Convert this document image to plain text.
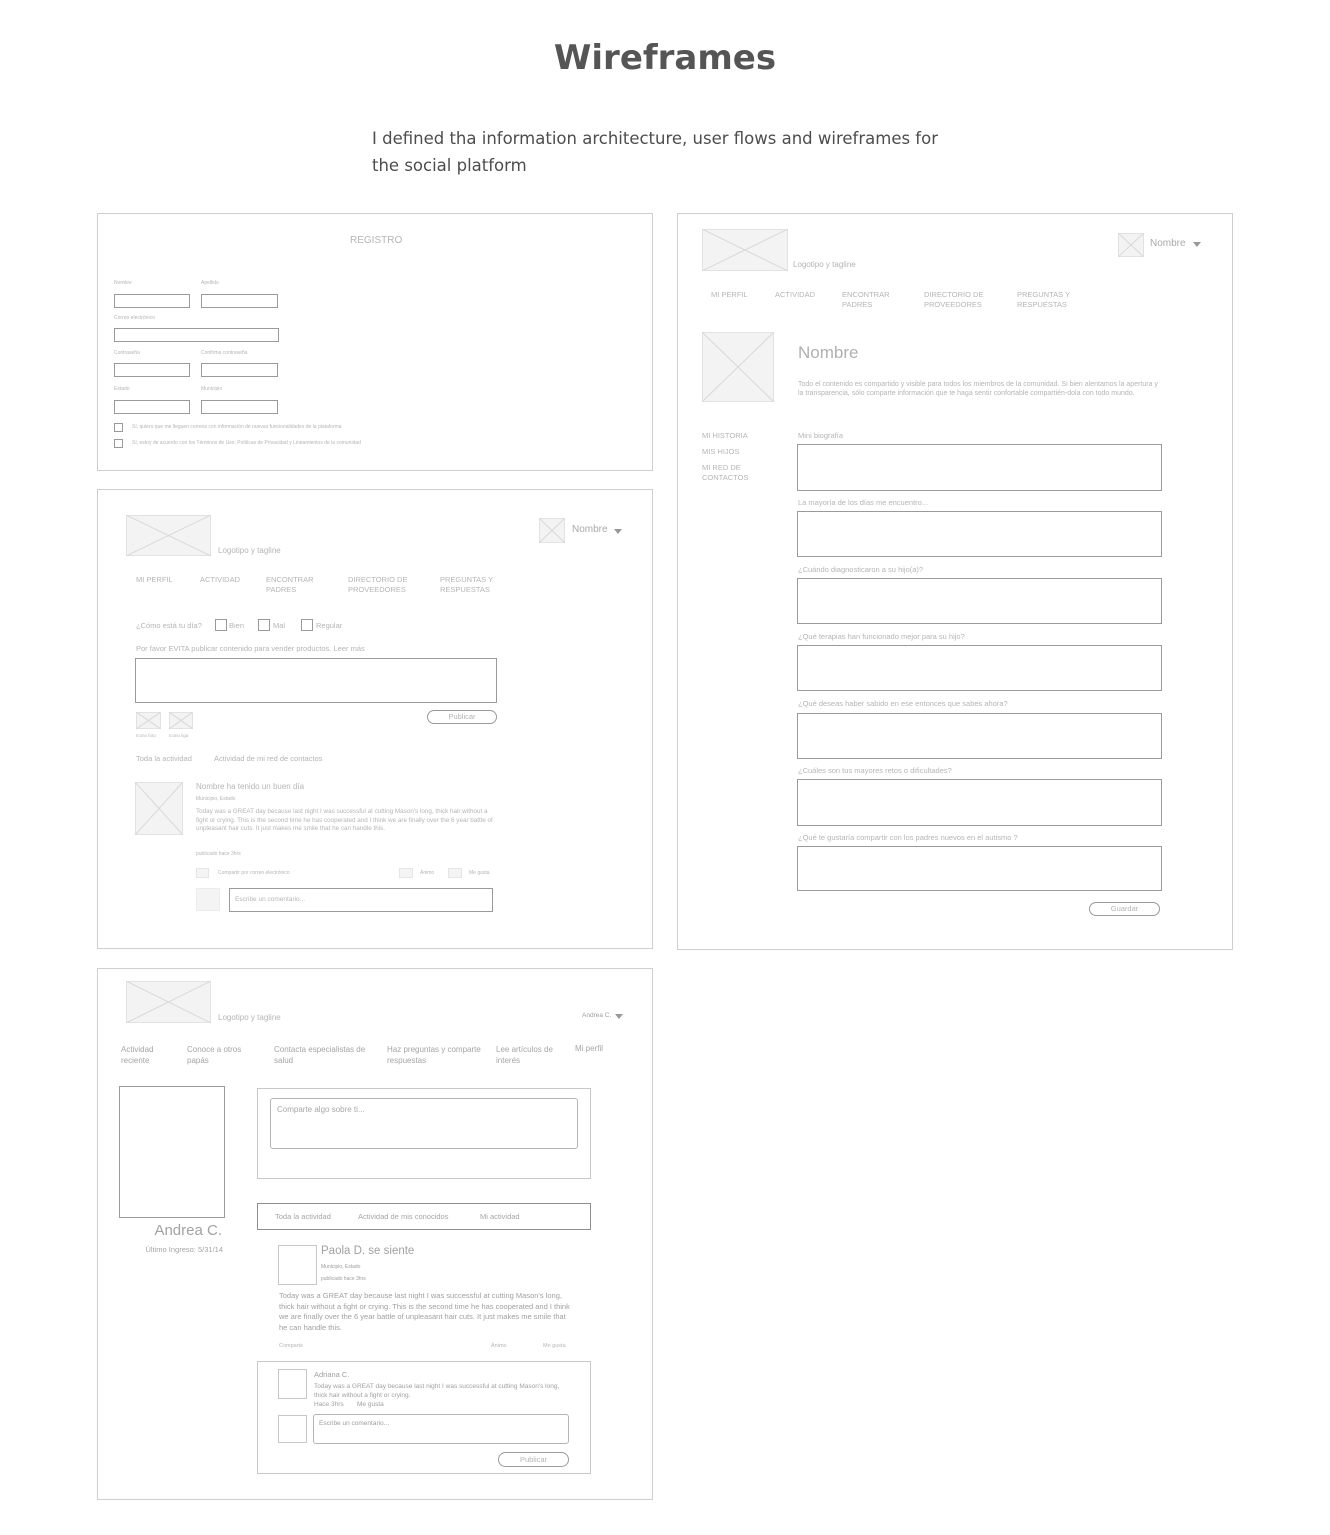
Wireframes
I defined tha information architecture, user flows and wireframes for the social platform
REGISTRO
Nombre	Apellido
Correo electrónico
Contraseña	Confirma contraseña
Estado	Municipio
Sí, quiero que me lleguen correos con información de nuevas funcionalidades de la plataforma
Sí, estoy de acuerdo con los Términos de Uso, Políticas de Privacidad y Lineamientos de la comunidad
Logotipo y tagline
Nombre
MI PERFIL	ACTIVIDAD	ENCONTRAR PADRES
DIRECTORIO DE PROVEEDORES
PREGUNTAS Y RESPUESTAS
¿Cómo está tu día?	Bien	Mal	Regular
Por favor EVITA publicar contenido para vender productos. Leer más
Publicar
Icono foto	Icono liga
Toda la actividad	Actividad de mi red de contactos
Nombre ha tenido un buen día
Municipio, Estado
Today was a GREAT day because last night I was successful at cutting Mason's long, thick hair without a fight or crying. This is the second time he has cooperated and I think we are finally over the 6 year battle of unpleasant hair cuts. It just makes me smile that he can handle this.
publicado hace 3hrs
Compartir por correo electrónico	Ánimo	Me gusta
Escribe un comentario...
Logotipo y tagline
Nombre
MI PERFIL	ACTIVIDAD	ENCONTRAR PADRES
DIRECTORIO DE PROVEEDORES
PREGUNTAS Y RESPUESTAS
Nombre
Todo el contenido es compartido y visible para todos los miembros de la comunidad. Si bien alentamos la apertura y la transparencia, sólo comparte información que te haga sentir confortable compartién-dola con todo mundo.
MI HISTORIA
MIS HIJOS
MI RED DE CONTACTOS
Mini biografía
La mayoría de los días me encuentro...
¿Cuándo diagnosticaron a su hijo(a)?
¿Qué terapias han funcionado mejor para su hijo?
¿Qué deseas haber sabido en ese entonces que sabes ahora?
¿Cuáles son tus mayores retos o dificultades?
¿Qué te gustaría compartir con los padres nuevos en el autismo ?
Guardar
Logotipo y tagline	Andrea C.
Actividad reciente
Conoce a otros papás
Contacta especialistas de salud
Haz preguntas y comparte respuestas
Lee artículos de interés
Mi perfil
Andrea C.
Último Ingreso: 5/31/14
Comparte algo sobre ti...
Toda la actividad	Actividad de mis conocidos	Mi actividad
Paola D. se siente
Municipio, Estado
publicado hace 3hrs
Today was a GREAT day because last night I was successful at cutting Mason's long, thick hair without a fight or crying. This is the second time he has cooperated and I think we are finally over the 6 year battle of unpleasant hair cuts. It just makes me smile that he can handle this.
Comparte	Ánimo	Me gusta
Adriana C.
Today was a GREAT day because last night I was successful at cutting Mason's long, thick hair without a fight or crying.
Hace 3hrs Me gusta
Escribe un comentario...
Publicar
